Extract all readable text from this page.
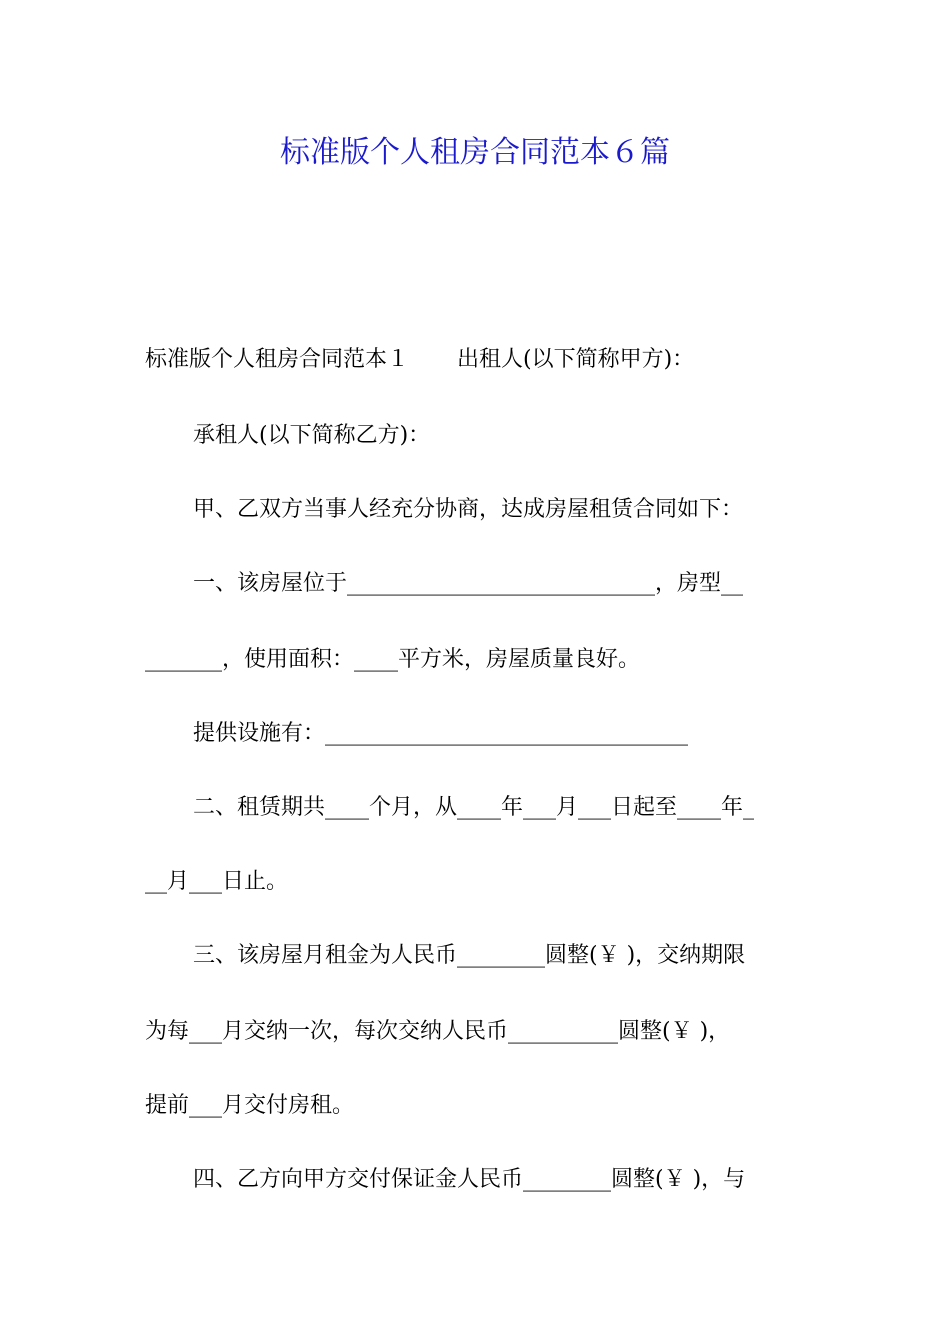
标准版个人租房合同范本６篇
标准版个人租房合同范本１ 出租人(以下简称甲方)：
承租人(以下简称乙方)：
甲、乙双方当事人经充分协商，达成房屋租赁合同如下：
一、该房屋位于____________________________，房型__
_______，使用面积：____平方米，房屋质量良好。
提供设施有：_________________________________
二、租赁期共____个月，从____年___月___日起至____年_
__月___日止。
三、该房屋月租金为人民币________圆整(￥ )，交纳期限
为每___月交纳一次，每次交纳人民币__________圆整(￥ )，
提前___月交付房租。
四、乙方向甲方交付保证金人民币________圆整(￥ )，与
